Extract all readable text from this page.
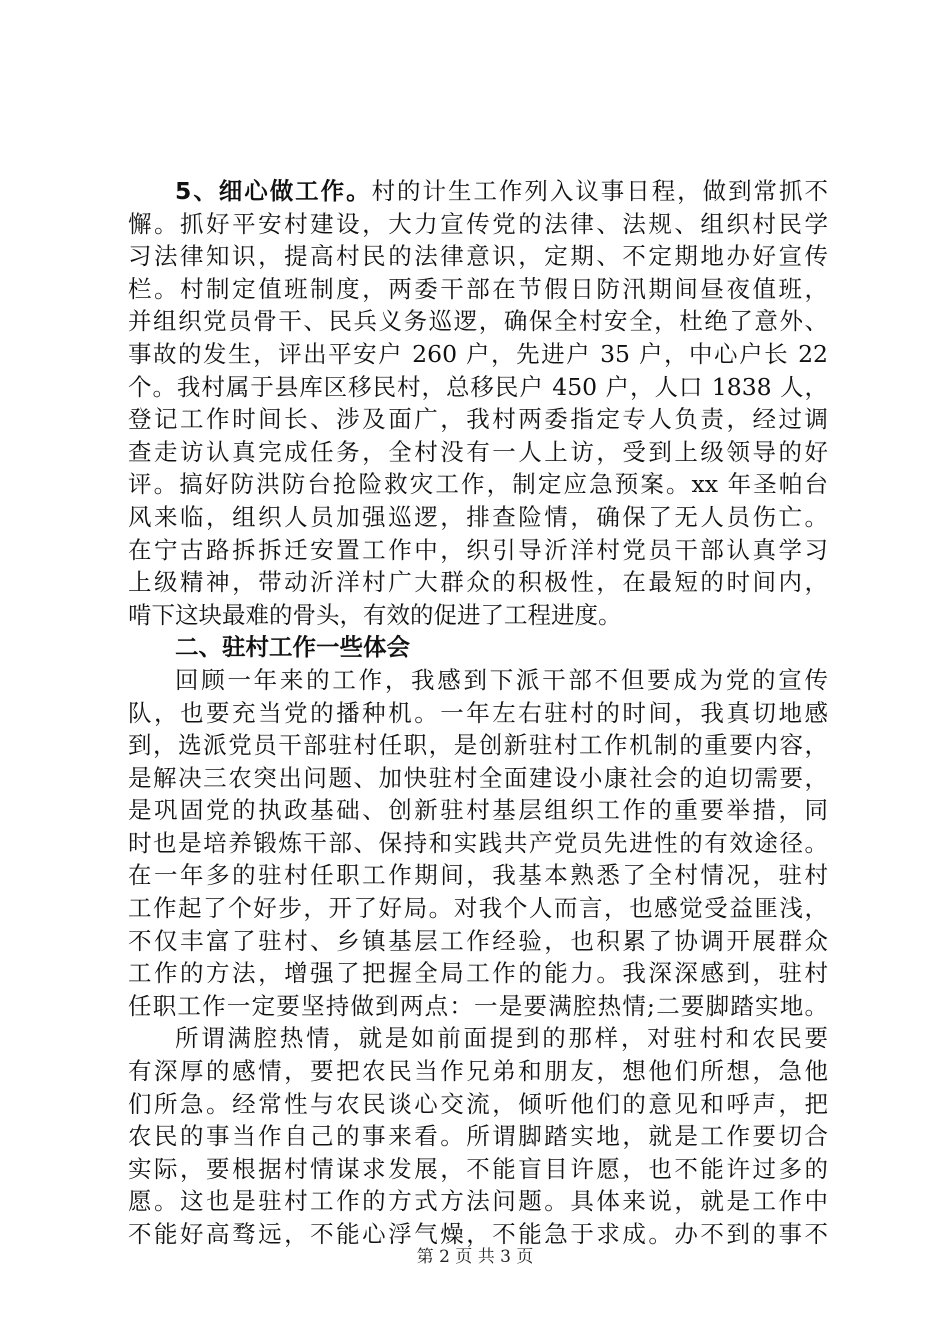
5、细心做工作。村的计生工作列入议事日程，做到常抓不
懈。抓好平安村建设，大力宣传党的法律、法规、组织村民学
习法律知识，提高村民的法律意识，定期、不定期地办好宣传
栏。村制定值班制度，两委干部在节假日防汛期间昼夜值班，
并组织党员骨干、民兵义务巡逻，确保全村安全，杜绝了意外、
事故的发生，评出平安户 260 户，先进户 35 户，中心户长 22
个。我村属于县库区移民村，总移民户 450 户，人口 1838 人，
登记工作时间长、涉及面广，我村两委指定专人负责，经过调
查走访认真完成任务，全村没有一人上访，受到上级领导的好
评。搞好防洪防台抢险救灾工作，制定应急预案。xx 年圣帕台
风来临，组织人员加强巡逻，排查险情，确保了无人员伤亡。
在宁古路拆拆迁安置工作中，织引导沂洋村党员干部认真学习
上级精神，带动沂洋村广大群众的积极性，在最短的时间内，
啃下这块最难的骨头，有效的促进了工程进度。
二、驻村工作一些体会
回顾一年来的工作，我感到下派干部不但要成为党的宣传
队，也要充当党的播种机。一年左右驻村的时间，我真切地感
到，选派党员干部驻村任职，是创新驻村工作机制的重要内容，
是解决三农突出问题、加快驻村全面建设小康社会的迫切需要，
是巩固党的执政基础、创新驻村基层组织工作的重要举措，同
时也是培养锻炼干部、保持和实践共产党员先进性的有效途径。
在一年多的驻村任职工作期间，我基本熟悉了全村情况，驻村
工作起了个好步，开了好局。对我个人而言，也感觉受益匪浅，
不仅丰富了驻村、乡镇基层工作经验，也积累了协调开展群众
工作的方法，增强了把握全局工作的能力。我深深感到，驻村
任职工作一定要坚持做到两点：一是要满腔热情;二要脚踏实地。
所谓满腔热情，就是如前面提到的那样，对驻村和农民要
有深厚的感情，要把农民当作兄弟和朋友，想他们所想，急他
们所急。经常性与农民谈心交流，倾听他们的意见和呼声，把
农民的事当作自己的事来看。所谓脚踏实地，就是工作要切合
实际，要根据村情谋求发展，不能盲目许愿，也不能许过多的
愿。这也是驻村工作的方式方法问题。具体来说，就是工作中
不能好高骛远，不能心浮气燥，不能急于求成。办不到的事不
第 2 页 共 3 页
